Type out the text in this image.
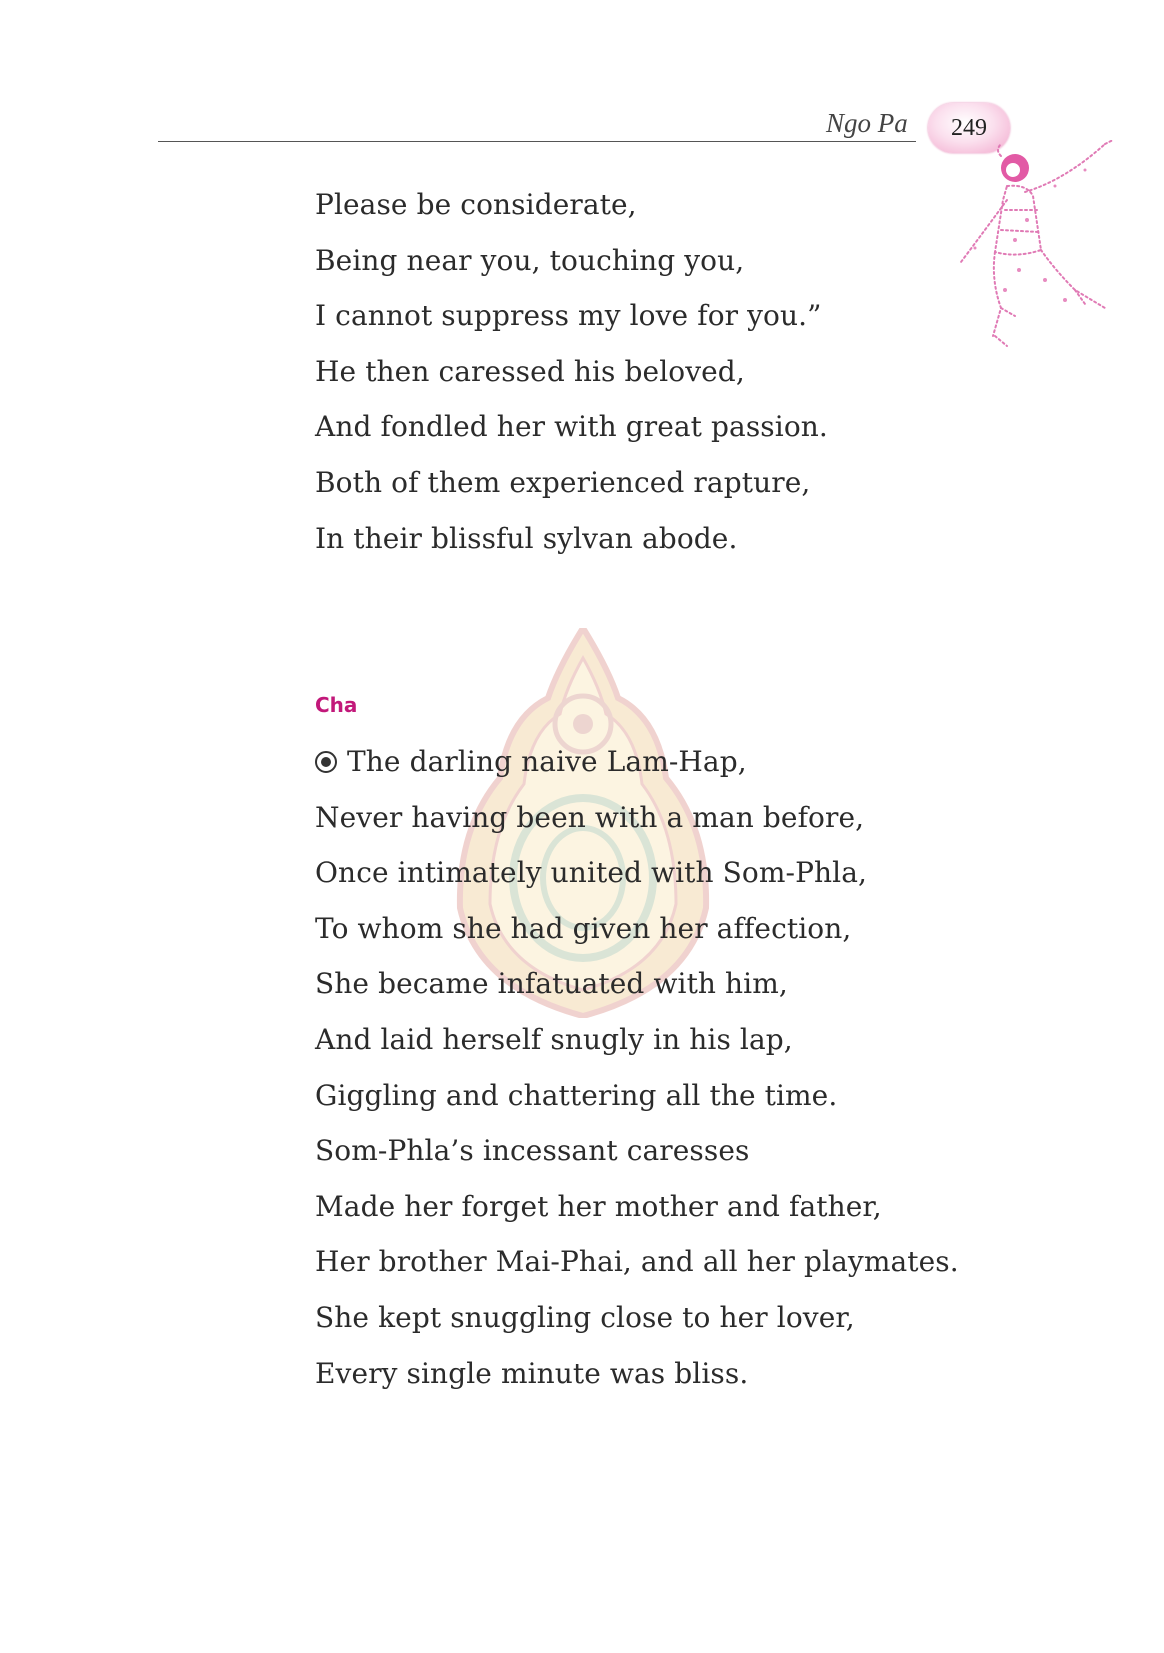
Ngo Pa	249
Please be considerate,
Being near you, touching you,
I cannot suppress my love for you.”
He then caressed his beloved,
And fondled her with great passion.
Both of them experienced rapture,
In their blissful sylvan abode.
Cha
The darling naive Lam-Hap,
Never having been with a man before,
Once intimately united with Som-Phla,
To whom she had given her affection,
She became infatuated with him,
And laid herself snugly in his lap,
Giggling and chattering all the time.
Som-Phla’s incessant caresses
Made her forget her mother and father,
Her brother Mai-Phai, and all her playmates.
She kept snuggling close to her lover,
Every single minute was bliss.
